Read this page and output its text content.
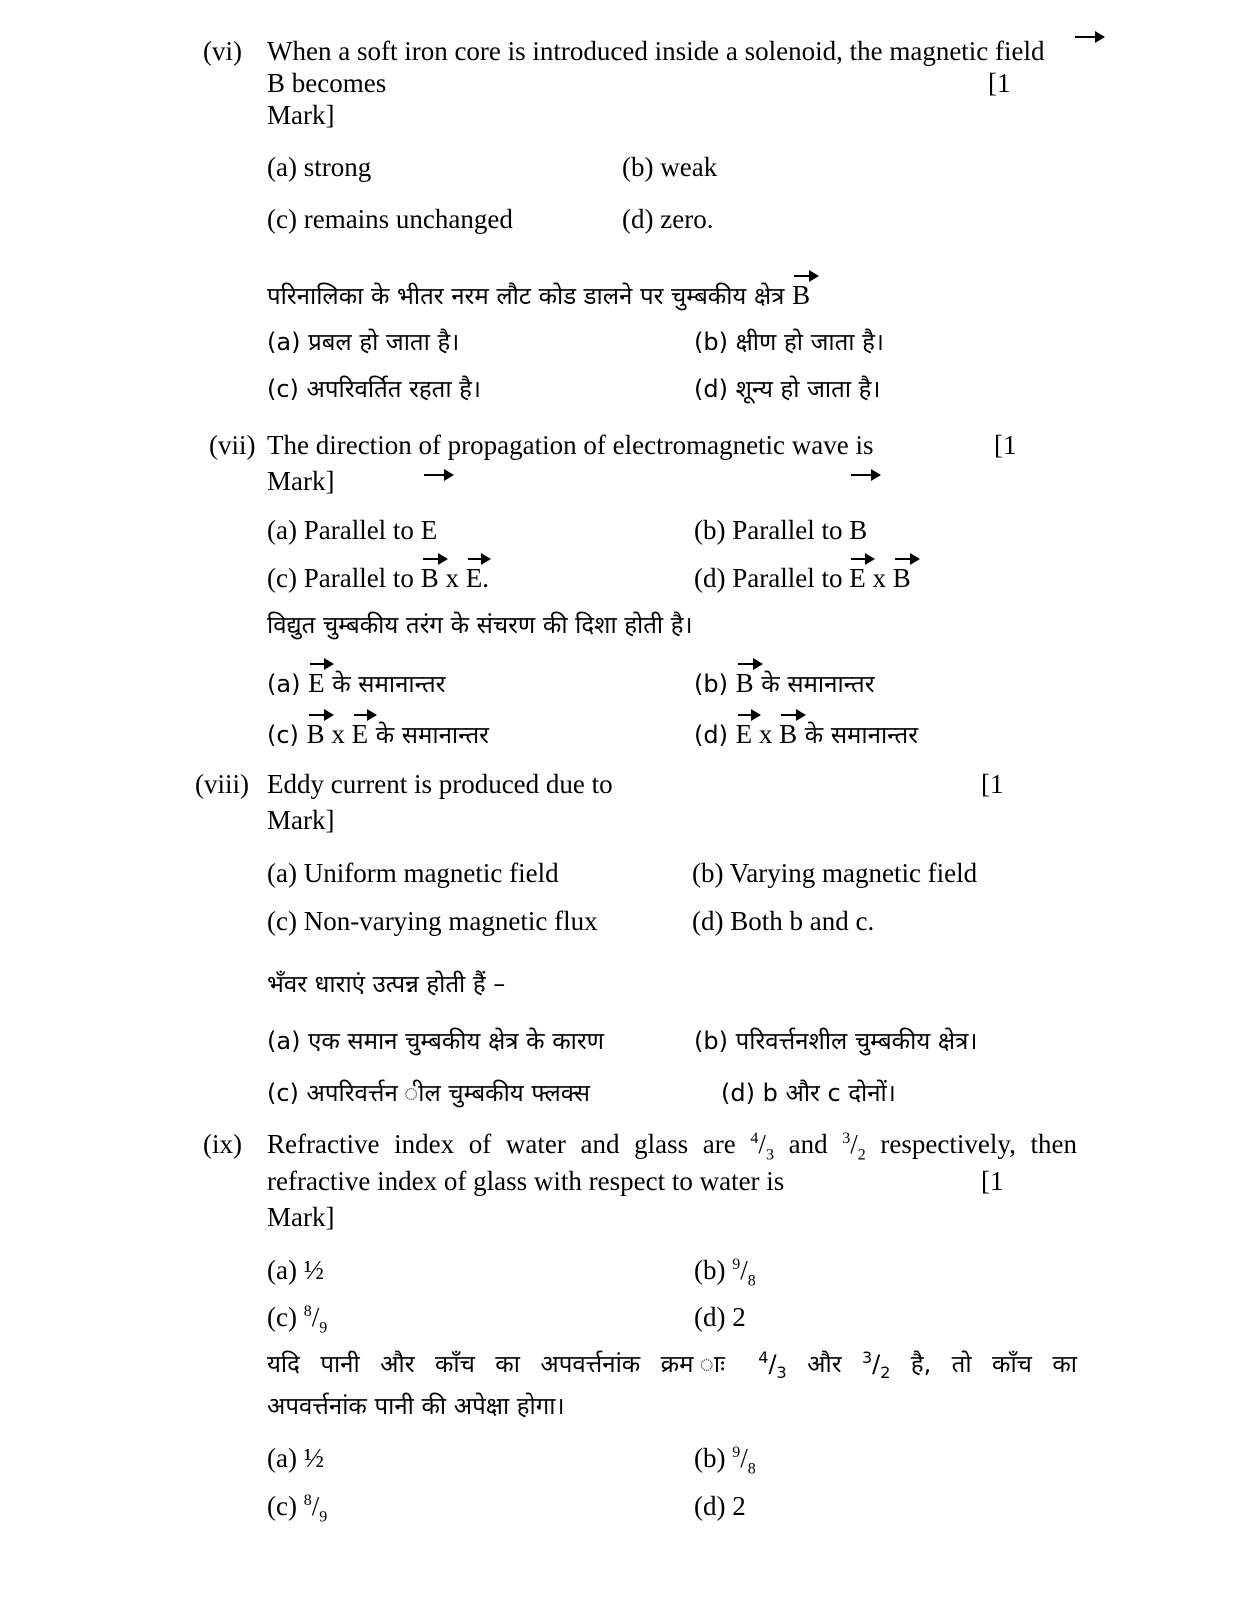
(vi) When a soft iron core is introduced inside a solenoid, the magnetic field
B becomes	[1
Mark]
(a) strong	(b) weak
(c) remains unchanged	(d) zero.
परिनालिका के भीतर नरम लौट कोड डालने पर चुम्बकीय क्षेत्र B
(a) प्रबल हो जाता है।	(b) क्षीण हो जाता है।
(c) अपरिवर्तित रहता है।	(d) शून्य हो जाता है।
(vii) The direction of propagation of electromagnetic wave is	[1
Mark]
(a) Parallel to E	(b) Parallel to B
(c) Parallel to B x E.	(d) Parallel to E x B
विद्युत चुम्बकीय तरंग के संचरण की दिशा होती है।
(a) E के समानान्तर	(b) B के समानान्तर
(c) B x E के समानान्तर	(d) E x B के समानान्तर
(viii) Eddy current is produced due to	[1
Mark]
(a) Uniform magnetic field	(b) Varying magnetic field
(c) Non-varying magnetic flux	(d) Both b and c.
भँवर धाराएं उत्पन्न होती हैं –
(a) एक समान चुम्बकीय क्षेत्र के कारण	(b) परिवर्त्तनशील चुम्बकीय क्षेत्र।
(c) अपरिवर्त्तन ील चुम्बकीय फ्लक्स	(d) b और c दोनों।
(ix) Refractive index of water and glass are $^4/_3$ and $^3/_2$ respectively, then
refractive index of glass with respect to water is	[1
Mark]
(a) ½	(b) $^9/_8$
(c) $^8/_9$	(d) 2
यदि पानी और काँच का अपवर्त्तनांक क्रम ाः $^4/_3$ और $^3/_2$ है, तो काँच का
अपवर्त्तनांक पानी की अपेक्षा होगा।
(a) ½	(b) $^9/_8$
(c) $^8/_9$	(d) 2
